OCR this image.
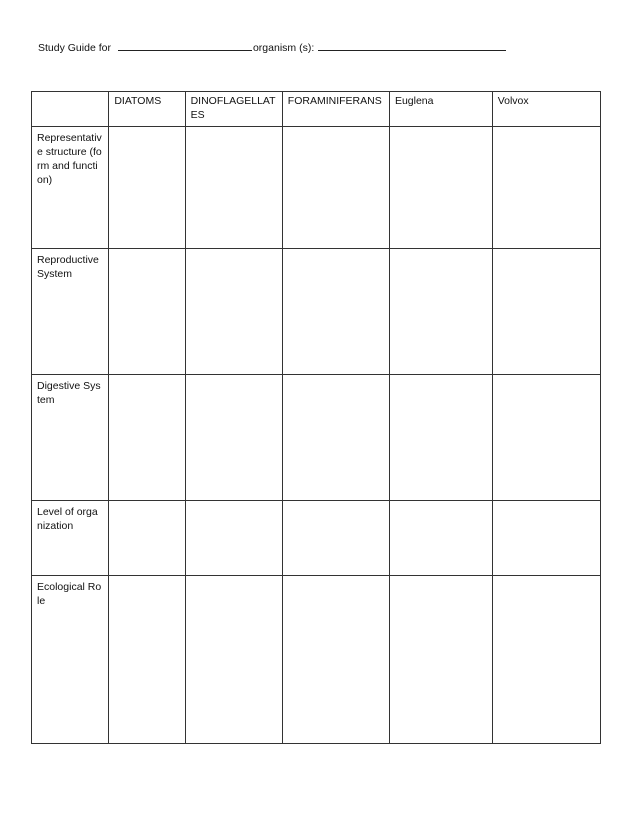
Study Guide for	organism (s):
	DIATOMS	DINOFLAGELLATES	FORAMINIFERANS	Euglena	Volvox
Representativ e structure (form and function)					
Reproductive System					
Digestive System					
Level of organization					
Ecological Role					
